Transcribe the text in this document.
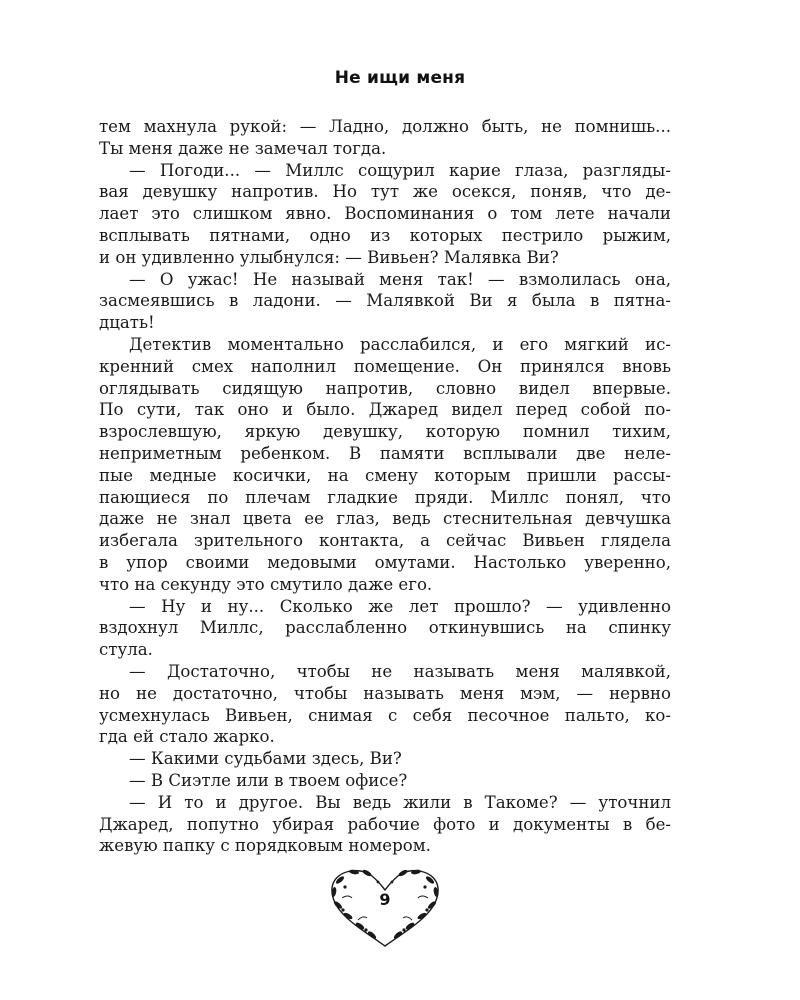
Не ищи меня
тем махнула рукой: — Ладно, должно быть, не помнишь...
Ты меня даже не замечал тогда.
— Погоди... — Миллс сощурил карие глаза, разгляды-
вая девушку напротив. Но тут же осекся, поняв, что де-
лает это слишком явно. Воспоминания о том лете начали
всплывать пятнами, одно из которых пестрило рыжим,
и он удивленно улыбнулся: — Вивьен? Малявка Ви?
— О ужас! Не называй меня так! — взмолилась она,
засмеявшись в ладони. — Малявкой Ви я была в пятна-
дцать!
Детектив моментально расслабился, и его мягкий ис-
кренний смех наполнил помещение. Он принялся вновь
оглядывать сидящую напротив, словно видел впервые.
По сути, так оно и было. Джаред видел перед собой по-
взрослевшую, яркую девушку, которую помнил тихим,
неприметным ребенком. В памяти всплывали две неле-
пые медные косички, на смену которым пришли рассы-
пающиеся по плечам гладкие пряди. Миллс понял, что
даже не знал цвета ее глаз, ведь стеснительная девчушка
избегала зрительного контакта, а сейчас Вивьен глядела
в упор своими медовыми омутами. Настолько уверенно,
что на секунду это смутило даже его.
— Ну и ну... Сколько же лет прошло? — удивленно
вздохнул Миллс, расслабленно откинувшись на спинку
стула.
— Достаточно, чтобы не называть меня малявкой,
но не достаточно, чтобы называть меня мэм, — нервно
усмехнулась Вивьен, снимая с себя песочное пальто, ко-
гда ей стало жарко.
— Какими судьбами здесь, Ви?
— В Сиэтле или в твоем офисе?
— И то и другое. Вы ведь жили в Такоме? — уточнил
Джаред, попутно убирая рабочие фото и документы в бе-
жевую папку с порядковым номером.
9
